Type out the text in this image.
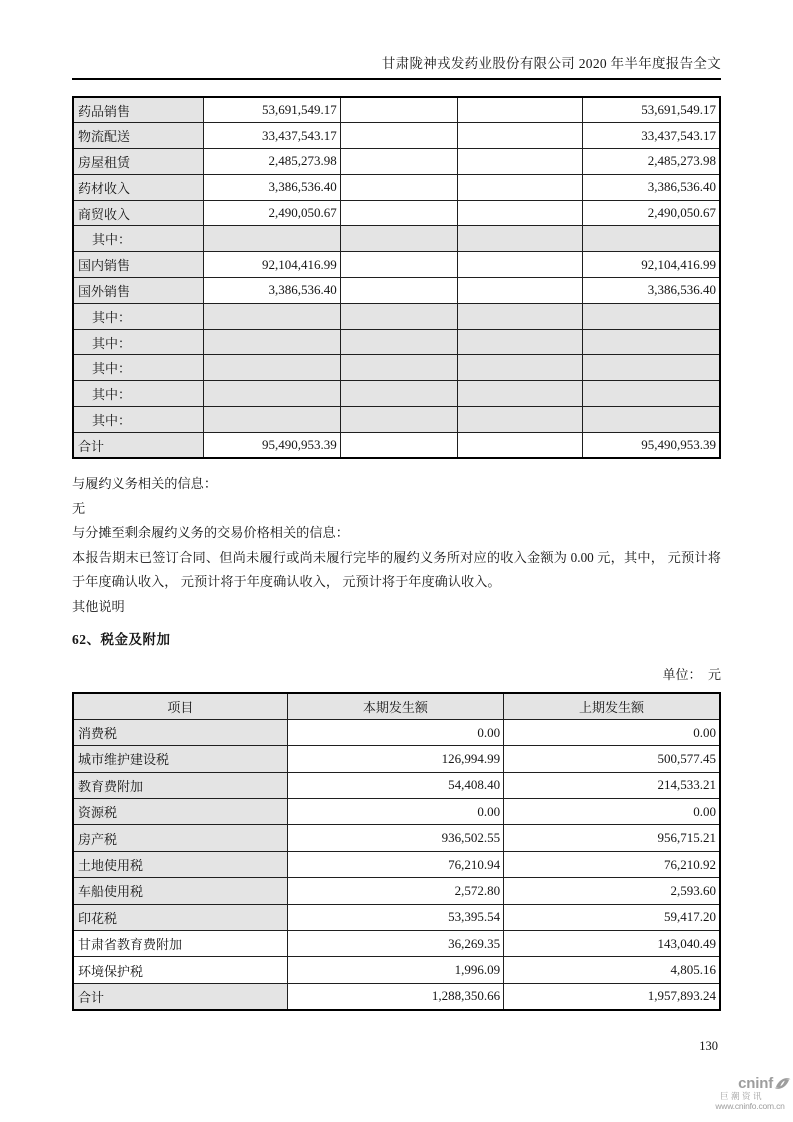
甘肃陇神戎发药业股份有限公司 2020 年半年度报告全文
药品销售	53,691,549.17			53,691,549.17
物流配送	33,437,543.17			33,437,543.17
房屋租赁	2,485,273.98			2,485,273.98
药材收入	3,386,536.40			3,386,536.40
商贸收入	2,490,050.67			2,490,050.67
其中：				
国内销售	92,104,416.99			92,104,416.99
国外销售	3,386,536.40			3,386,536.40
其中：				
其中：				
其中：				
其中：				
其中：				
合计	95,490,953.39			95,490,953.39

与履约义务相关的信息：

无

与分摊至剩余履约义务的交易价格相关的信息：

本报告期末已签订合同、但尚未履行或尚未履行完毕的履约义务所对应的收入金额为 0.00 元，其中， 元预计将于年度确认收入， 元预计将于年度确认收入， 元预计将于年度确认收入。

其他说明

62、税金及附加
单位：　元
项目	本期发生额	上期发生额
消费税	0.00	0.00
城市维护建设税	126,994.99	500,577.45
教育费附加	54,408.40	214,533.21
资源税	0.00	0.00
房产税	936,502.55	956,715.21
土地使用税	76,210.94	76,210.92
车船使用税	2,572.80	2,593.60
印花税	53,395.54	59,417.20
甘肃省教育费附加	36,269.35	143,040.49
环境保护税	1,996.09	4,805.16
合计	1,288,350.66	1,957,893.24
130
cninf
巨潮资讯
www.cninfo.com.cn
